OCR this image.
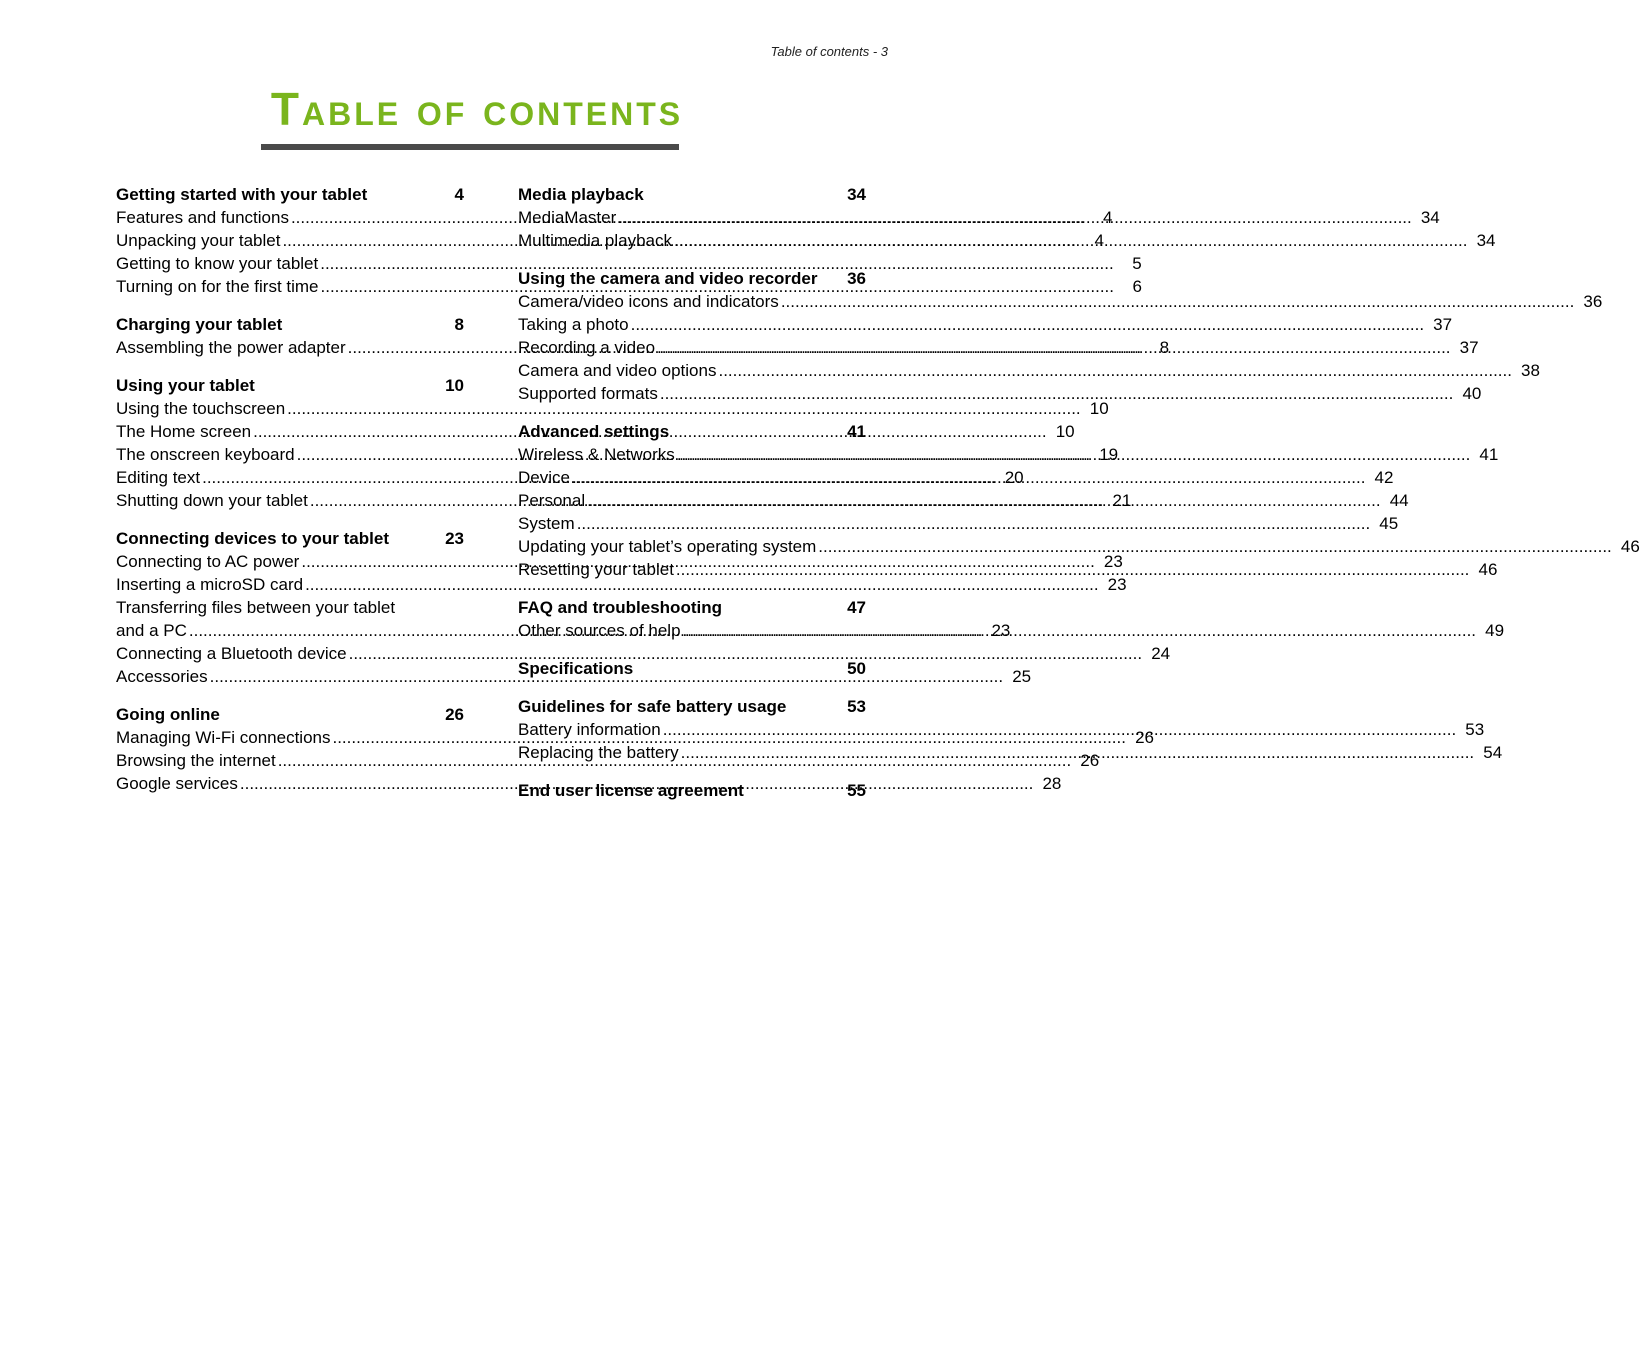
Table of contents - 3
Table of contents
Getting started with your tablet	4
Features and functions .....	4
Unpacking your tablet .....	4
Getting to know your tablet .....	5
Turning on for the first time .....	6
Charging your tablet	8
Assembling the power adapter .....	8
Using your tablet	10
Using the touchscreen .....	10
The Home screen .....	10
The onscreen keyboard .....	19
Editing text .....	20
Shutting down your tablet .....	21
Connecting devices to your tablet	23
Connecting to AC power .....	23
Inserting a microSD card .....	23
Transferring files between your tablet
and a PC .....	23
Connecting a Bluetooth device .....	24
Accessories .....	25
Going online	26
Managing Wi-Fi connections .....	26
Browsing the internet .....	26
Google services .....	28
Media playback	34
MediaMaster .....	34
Multimedia playback .....	34
Using the camera and video recorder	36
Camera/video icons and indicators .....	36
Taking a photo .....	37
Recording a video .....	37
Camera and video options .....	38
Supported formats .....	40
Advanced settings	41
Wireless & Networks .....	41
Device .....	42
Personal .....	44
System .....	45
Updating your tablet’s operating system .....	46
Resetting your tablet .....	46
FAQ and troubleshooting	47
Other sources of help .....	49
Specifications	50
Guidelines for safe battery usage	53
Battery information .....	53
Replacing the battery .....	54
End user license agreement	55
